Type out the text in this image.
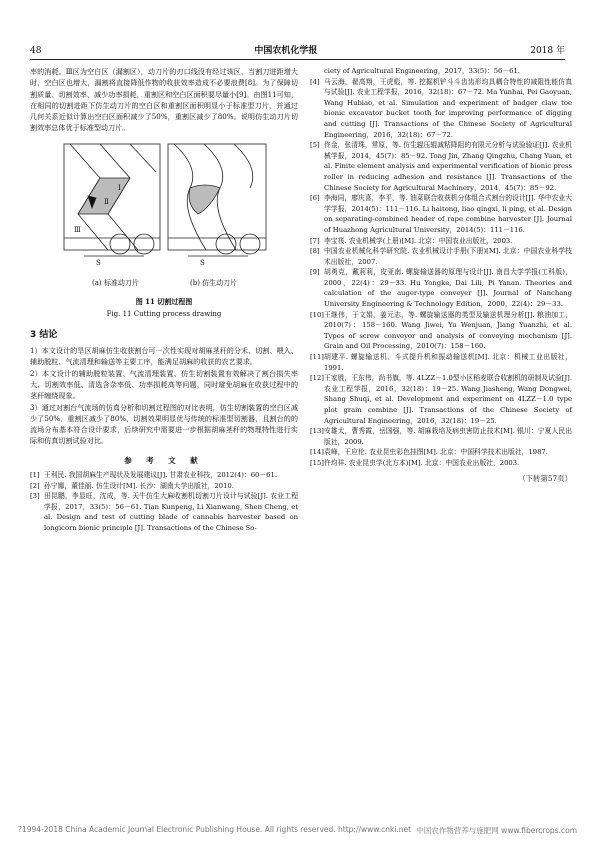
48	中国农机化学报	2018 年

率的消耗。Ⅲ区为空白区（漏割区），动刀片的刃口线没有经过该区，当割刀进距增大时，空白区也增大，漏割将直接降低作物的收获效率造成不必要浪费[8]。为了保障切割质量、切割效率、减少功率损耗，重割区和空白区面积要尽量小[9]。由图11可知，在相同的切割进距下仿生动刀片的空白区和重割区面积明显小于标准型刀片，并通过几何关系近似计算出空白区面积减少了50%，重割区减少了80%。说明仿生动刀片切割效率总体优于标准型动刀片。

S	S
Ⅰ
Ⅱ
Ⅲ
(a) 标准动刀片	(b) 仿生动刀片
图 11 切割过程图
Fig. 11 Cutting process drawing
3 结论

1）本文设计的旱区胡麻仿生收获割台可一次性实现对胡麻茎秆的分禾、切割、喂入、辅助脱粒、气流清理和输送等主要工序，能满足胡麻的收获的农艺要求。

2）本文设计的辅助脱粒装置、气流清理装置、仿生切割装置有效解决了割台损失率大、切割效率低、清选含杂率低、功率损耗高等问题，同时避免胡麻在收获过程中的茎秆缠绕现象。

3）通过对割台气流场的仿真分析和切割过程图的对比表明，仿生切割装置的空白区减少了50%，重割区减少了80%，切割效果明显优与传统的标准型切割器，且割台的的流场分布基本符合设计要求，后续研究中需要进一步根据胡麻茎秆的物理特性进行实际和仿真切割试验对比。

参 考 文 献
[1] 王利民. 我国胡麻生产现状及发展建议[J]. 甘肃农业科技，2012(4)：60－61.
[2] 孙宁娜，董佳丽. 仿生设计[M]. 长沙：湖南大学出版社，2010.
[3] 田昆鹏，李显旺，沈成，等. 天牛仿生大麻收割机切割刀片设计与试验[J]. 农业工程学报，2017，33(5)：56－61. Tian Kunpeng, Li Xianwang, Shen Cheng, et al. Design and test of cutting blade of cannabis harvester based on longicorn bionic principle [J]. Transactions of the Chinese So-
ciety of Agricultural Engineering，2017，33(5)：56－61.
[4] 马云海，翟高翔，王虎彪，等. 挖掘机铲斗斗齿齿形均具耦合特性的减阻性能仿真与试验[J]. 农业工程学报，2016，32(18)：67－72. Ma Yunhai, Pei Gaoyuan, Wang Hubiao, et al. Simulation and experiment of badger claw toe bionic excavator bucket tooth for improving performance of digging and cutting [J]. Transactions of the Chinese Society of Agricultural Engineering，2016，32(18)：67－72.
[5] 佟金，张清珠，常原，等. 仿生辊压辊减粘降阻的有限元分析与试验验证[J]. 农业机械学报，2014，45(7)：85－92. Tong Jin, Zhang Qingzhu, Chang Yuan, et al. Finite element analysis and experimental verification of bionic press roller in reducing adhesion and resistance [J]. Transactions of the Chinese Society for Agricultural Machinery，2014，45(7)：85－92.
[6] 李海同，廖庆喜，李平，等. 油菜联合收获机分体组合式割台的设计[J]. 华中农业大学学报，2014(5)：111－116. Li haitong, liao qingxi, li ping, et al. Design on separating-combined header of rape combine harvester [J]. Journal of Huazhong Agricultural University，2014(5)：111－116.
[7] 李宝筏. 农业机械学(上册)[M]. 北京：中国农业出版社，2003.
[8] 中国农业机械化科学研究院. 农业机械设计手册(下册)[M]. 北京：中国农业科学技术出版社，2007.
[9] 胡勇克，戴莉莉，皮亚南. 螺旋输送器的原理与设计[J]. 南昌大学学报(工科版)，2000，22(4)：29－33. Hu Yongke, Dai Lili, Pi Yanan. Theories and calculation of the auger-type conveyer [J]. Journal of Nanchang University Engineering & Technology Edition，2000，22(4)：29－33.
[10] 王继伟，于文娟，姜元志，等. 螺旋输送器的类型及输送机理分析[J]. 粮油加工，2010(7)：158－160. Wang Jiwei, Yu Wenjuan, Jiang Yuanzhi, et al. Types of screw conveyor and analysis of conveying mechanism [J]. Grain and Oil Processing，2010(7)：158－160.
[11] 胡建平. 螺旋输送机、斗式提升机和振动输送机[M]. 北京：机械工业出版社，1991.
[12] 王家胜，王东伟，尚书旗，等. 4LZZ－1.0型小区稻麦联合收割机的研制及试验[J]. 农业工程学报，2016，32(18)：19－25. Wang Jiasheng, Wang Dongwei, Shang Shuqi, et al. Development and experiment on 4LZZ－1.0 type plot grain combine [J]. Transactions of the Chinese Society of Agricultural Engineering，2016，32(18)：19－25.
[13] 安雄太，曹秀霞，岳国强，等. 胡麻栽培及病虫害防止技术[M]. 银川：宁夏人民出版社，2009.
[14] 袁峰，王应伦. 农业昆虫彩色挂图[M]. 北京：中国科学技术出版社，1987.
[15] 仵均祥. 农业昆虫学(北方本)[M]. 北京：中国农业出版社，2003.
（下转第57页）
?1994-2018 China Academic Journal Electronic Publishing House. All rights reserved. http://www.cnki.net 中国农作物营养与施肥网 www.fibercrops.com
